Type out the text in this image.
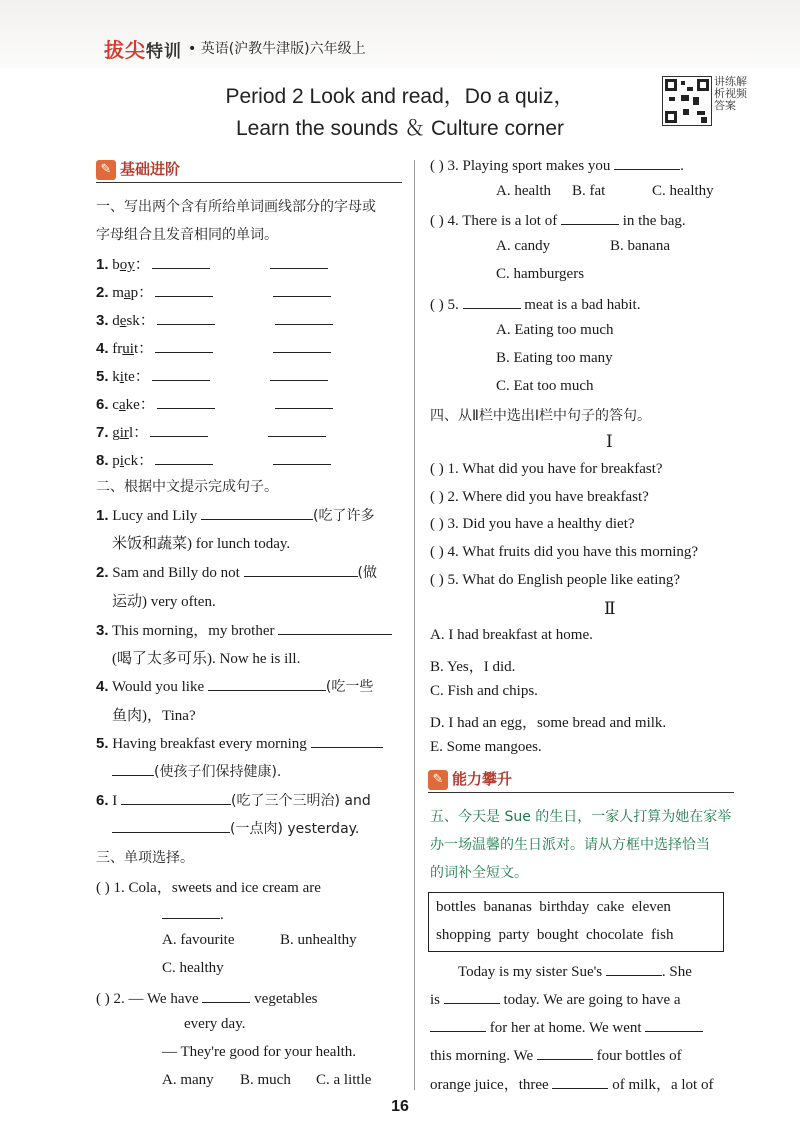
拔尖特训 • 英语(沪教牛津版)六年级上
讲练解析视频答案
Period 2 Look and read，Do a quiz，
Learn the sounds ＆ Culture corner
✎ 基础进阶
一、写出两个含有所给单词画线部分的字母或
字母组合且发音相同的单词。
1. boy：
2. map：
3. desk：
4. fruit：
5. kite：
6. cake：
7. girl：
8. pick：
二、根据中文提示完成句子。
1. Lucy and Lily	(吃了许多
米饭和蔬菜) for lunch today.
2. Sam and Billy do not	(做
运动) very often.
3. This morning，my brother
(喝了太多可乐). Now he is ill.
4. Would you like	(吃一些
鱼肉)，Tina?
5. Having breakfast every morning
(使孩子们保持健康).
6. I	(吃了三个三明治) and
(一点肉) yesterday.
三、单项选择。
( ) 1. Cola，sweets and ice cream are
.
A. favourite	B. unhealthy
C. healthy
( ) 2. — We have	vegetables
every day.
— They're good for your health.
A. many B. much C. a little
( ) 3. Playing sport makes you	.
A. health B. fat	C. healthy
( ) 4. There is a lot of	in the bag.
A. candy	B. banana
C. hamburgers
( ) 5.	meat is a bad habit.
A. Eating too much
B. Eating too many
C. Eat too much
四、从Ⅱ栏中选出Ⅰ栏中句子的答句。
Ⅰ
( ) 1. What did you have for breakfast?
( ) 2. Where did you have breakfast?
( ) 3. Did you have a healthy diet?
( ) 4. What fruits did you have this morning?
( ) 5. What do English people like eating?
Ⅱ
A. I had breakfast at home.
B. Yes，I did.
C. Fish and chips.
D. I had an egg，some bread and milk.
E. Some mangoes.
✎ 能力攀升
五、今天是 Sue 的生日，一家人打算为她在家举
办一场温馨的生日派对。请从方框中选择恰当
的词补全短文。
bottles  bananas  birthday  cake  eleven
shopping  party  bought  chocolate  fish
Today is my sister Sue's	. She
is	today. We are going to have a
for her at home. We went
this morning. We	four bottles of
orange juice，three	of milk，a lot of
16
